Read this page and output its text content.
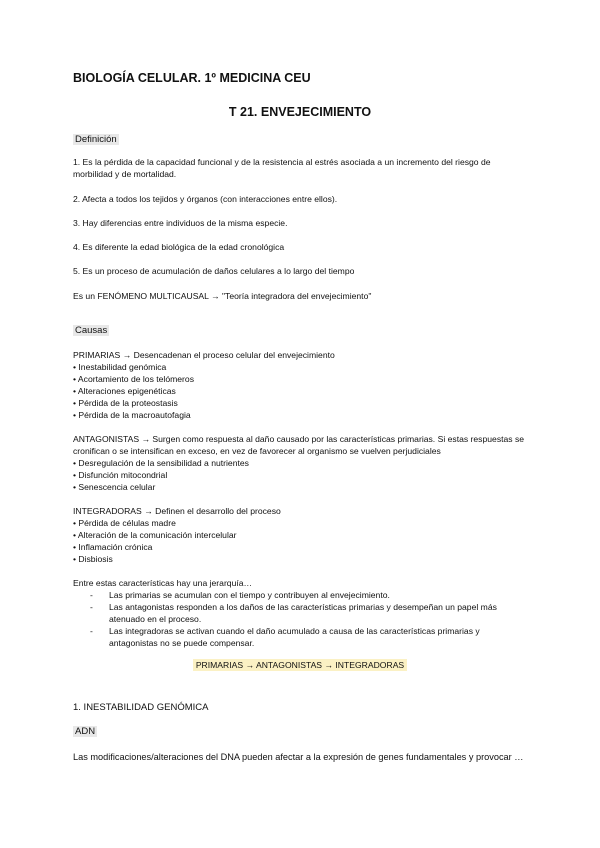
BIOLOGÍA CELULAR. 1º MEDICINA CEU
T 21. ENVEJECIMIENTO
Definición
1. Es la pérdida de la capacidad funcional y de la resistencia al estrés asociada a un incremento del riesgo de morbilidad y de mortalidad.
2. Afecta a todos los tejidos y órganos (con interacciones entre ellos).
3. Hay diferencias entre individuos de la misma especie.
4. Es diferente la edad biológica de la edad cronológica
5. Es un proceso de acumulación de daños celulares a lo largo del tiempo
Es un FENÓMENO MULTICAUSAL → "Teoría integradora del envejecimiento"
Causas
PRIMARIAS → Desencadenan el proceso celular del envejecimiento
• Inestabilidad genómica
• Acortamiento de los telómeros
• Alteraciones epigenéticas
• Pérdida de la proteostasis
• Pérdida de la macroautofagia
ANTAGONISTAS → Surgen como respuesta al daño causado por las características primarias. Si estas respuestas se cronifican o se intensifican en exceso, en vez de favorecer al organismo se vuelven perjudiciales
• Desregulación de la sensibilidad a nutrientes
• Disfunción mitocondrial
• Senescencia celular
INTEGRADORAS → Definen el desarrollo del proceso
• Pérdida de células madre
• Alteración de la comunicación intercelular
• Inflamación crónica
• Disbiosis
Entre estas características hay una jerarquía…
-	Las primarias se acumulan con el tiempo y contribuyen al envejecimiento.
-	Las antagonistas responden a los daños de las características primarias y desempeñan un papel más atenuado en el proceso.
-	Las integradoras se activan cuando el daño acumulado a causa de las características primarias y antagonistas no se puede compensar.
PRIMARIAS → ANTAGONISTAS → INTEGRADORAS
1. INESTABILIDAD GENÓMICA
ADN
Las modificaciones/alteraciones del DNA pueden afectar a la expresión de genes fundamentales y provocar …
